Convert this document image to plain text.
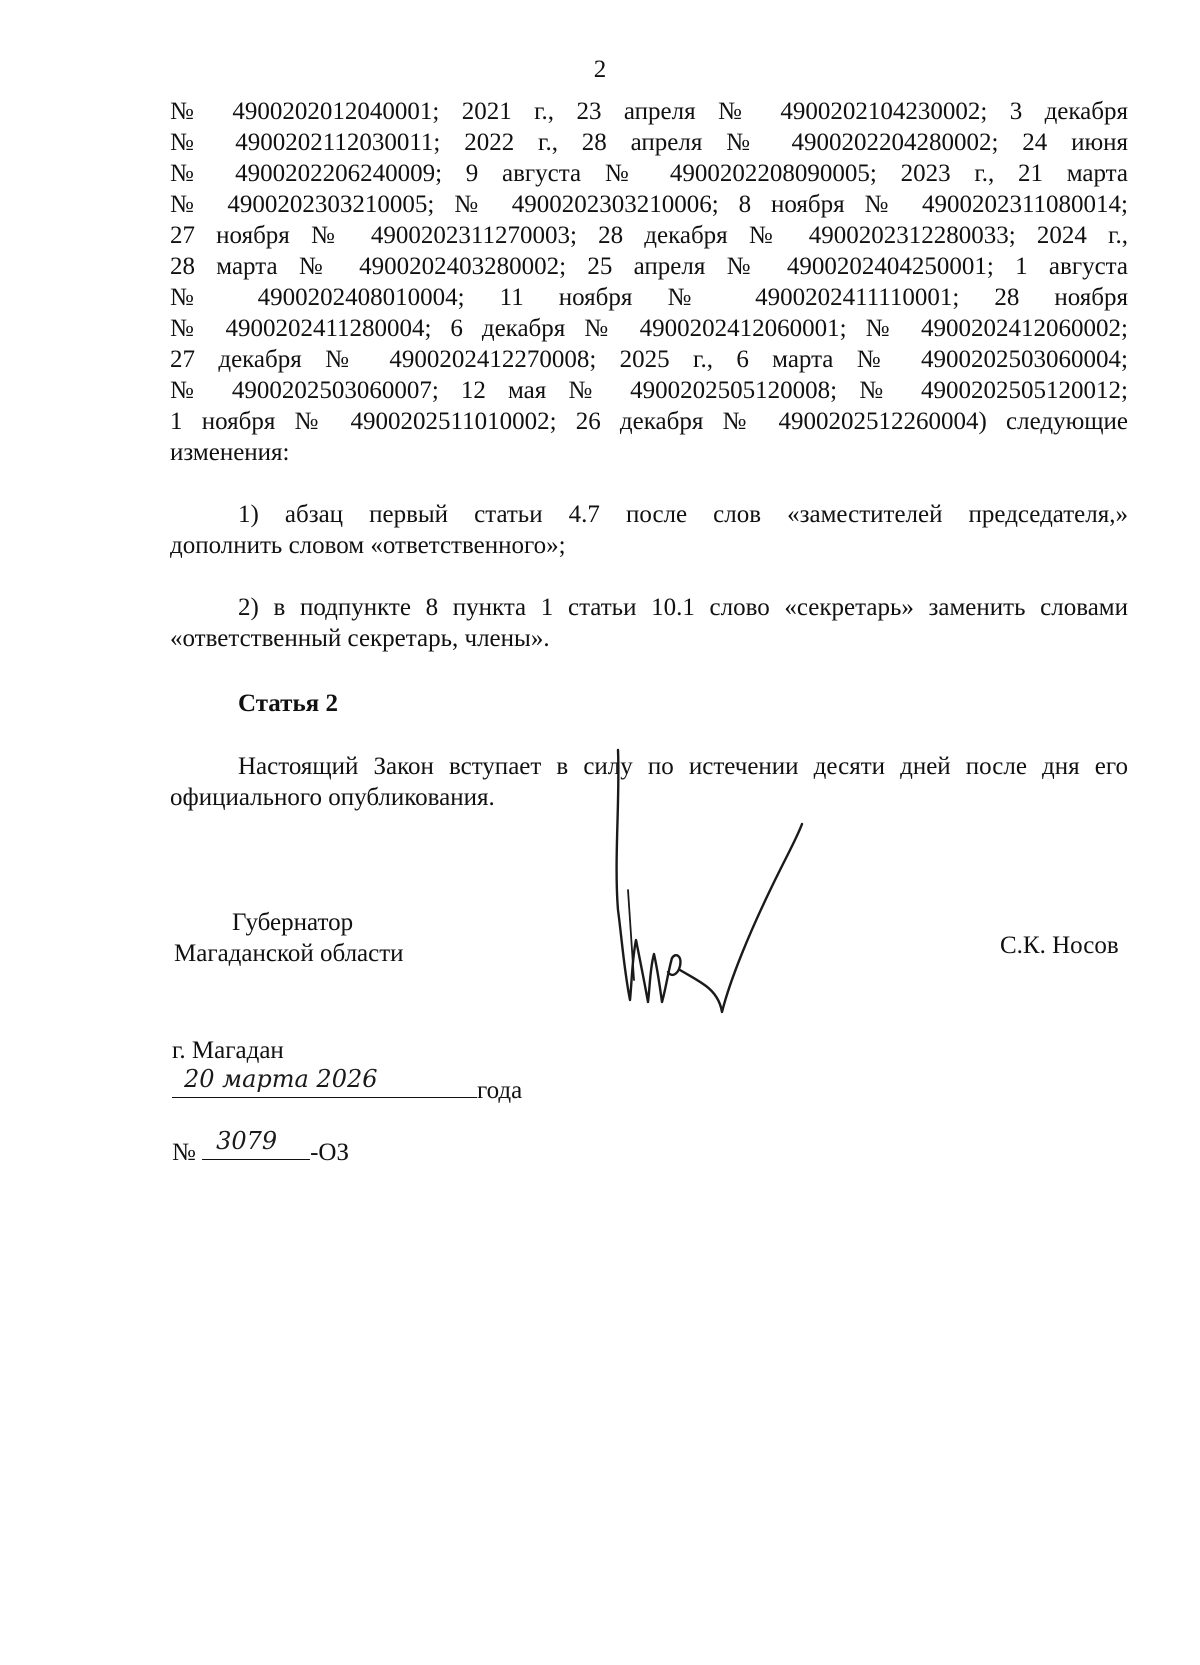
2
№ 4900202012040001; 2021 г., 23 апреля № 4900202104230002; 3 декабря
№ 4900202112030011; 2022 г., 28 апреля № 4900202204280002; 24 июня
№ 4900202206240009; 9 августа № 4900202208090005; 2023 г., 21 марта
№ 4900202303210005; № 4900202303210006; 8 ноября № 4900202311080014;
27 ноября № 4900202311270003; 28 декабря № 4900202312280033; 2024 г.,
28 марта № 4900202403280002; 25 апреля № 4900202404250001; 1 августа
№ 4900202408010004; 11 ноября № 4900202411110001; 28 ноября
№ 4900202411280004; 6 декабря № 4900202412060001; № 4900202412060002;
27 декабря № 4900202412270008; 2025 г., 6 марта № 4900202503060004;
№ 4900202503060007; 12 мая № 4900202505120008; № 4900202505120012;
1 ноября № 4900202511010002; 26 декабря № 4900202512260004) следующие
изменения:
1) абзац первый статьи 4.7 после слов «заместителей председателя,»
дополнить словом «ответственного»;
2) в подпункте 8 пункта 1 статьи 10.1 слово «секретарь» заменить словами
«ответственный секретарь, члены».
Статья 2
Настоящий Закон вступает в силу по истечении десяти дней после дня его
официального опубликования.
Губернатор
Магаданской области	С.К. Носов
г. Магадан
20 марта 2026	года
№ 3079 -ОЗ
